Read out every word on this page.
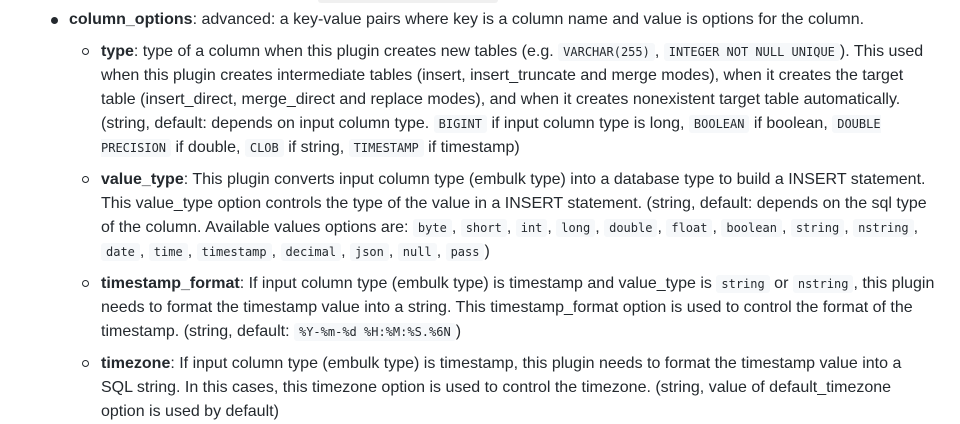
column_options: advanced: a key-value pairs where key is a column name and value is options for the column.
type: type of a column when this plugin creates new tables (e.g. VARCHAR(255) , INTEGER NOT NULL UNIQUE ). This used when this plugin creates intermediate tables (insert, insert_truncate and merge modes), when it creates the target table (insert_direct, merge_direct and replace modes), and when it creates nonexistent target table automatically. (string, default: depends on input column type. BIGINT if input column type is long, BOOLEAN if boolean, DOUBLE PRECISION if double, CLOB if string, TIMESTAMP if timestamp)
value_type: This plugin converts input column type (embulk type) into a database type to build a INSERT statement. This value_type option controls the type of the value in a INSERT statement. (string, default: depends on the sql type of the column. Available values options are: byte , short , int , long , double , float , boolean , string , nstring , date , time , timestamp , decimal , json , null , pass )
timestamp_format: If input column type (embulk type) is timestamp and value_type is string or nstring , this plugin needs to format the timestamp value into a string. This timestamp_format option is used to control the format of the timestamp. (string, default: %Y-%m-%d %H:%M:%S.%6N )
timezone: If input column type (embulk type) is timestamp, this plugin needs to format the timestamp value into a SQL string. In this cases, this timezone option is used to control the timezone. (string, value of default_timezone option is used by default)
